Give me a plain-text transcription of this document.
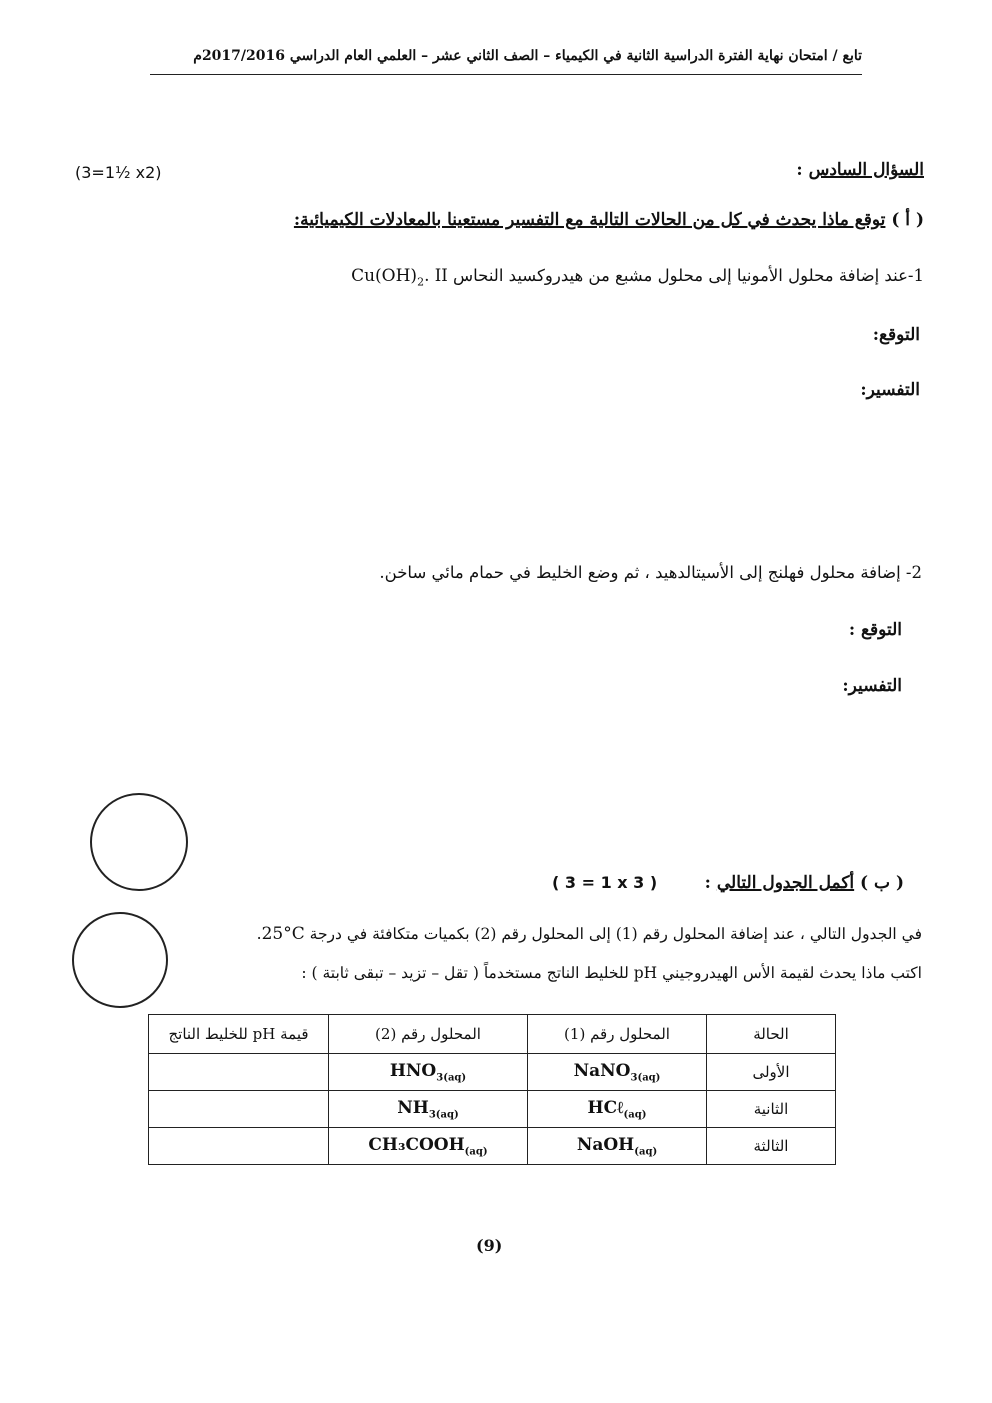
تابع / امتحان نهاية الفترة الدراسية الثانية في الكيمياء – الصف الثاني عشر – العلمي العام الدراسي 2017/2016م
السؤال السادس :
(3=1½ x2)
( أ ) توقع ماذا يحدث في كل من الحالات التالية مع التفسير مستعينا بالمعادلات الكيميائية:
1-عند إضافة محلول الأمونيا إلى محلول مشبع من هيدروكسيد النحاس II $Cu(OH)_2$.
التوقع:
التفسير:
2- إضافة محلول فهلنج إلى الأسيتالدهيد ، ثم وضع الخليط في حمام مائي ساخن.
التوقع :
التفسير:
( ب ) أكمل الجدول التالي :
( 3 = 1 x 3 )
في الجدول التالي ، عند إضافة المحلول رقم (1) إلى المحلول رقم (2) بكميات متكافئة في درجة 25°C.
اكتب ماذا يحدث لقيمة الأس الهيدروجيني pH للخليط الناتج مستخدماً ( تقل – تزيد – تبقى ثابتة ) :
الحالة	المحلول رقم (1)	المحلول رقم (2)	قيمة pH للخليط الناتج
الأولى	NaNO$_{3(aq)}$	$HNO_{3(aq)}$	
الثانية	HCℓ$_{(aq)}$	$NH_{3(aq)}$	
الثالثة	NaOH$_{(aq)}$	$CH_3COOH_{(aq)}$	
(9)
